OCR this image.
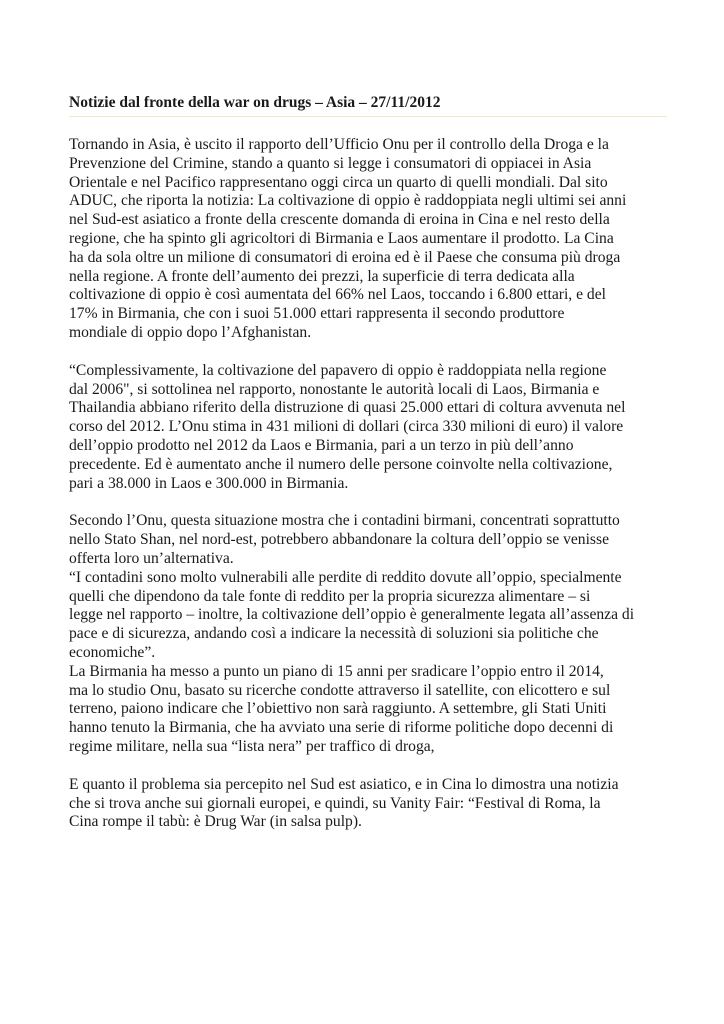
Notizie dal fronte della war on drugs – Asia – 27/11/2012

Tornando in Asia, è uscito il rapporto dell’Ufficio Onu per il controllo della Droga e la
Prevenzione del Crimine, stando a quanto si legge i consumatori di oppiacei in Asia
Orientale e nel Pacifico rappresentano oggi circa un quarto di quelli mondiali. Dal sito
ADUC, che riporta la notizia: La coltivazione di oppio è raddoppiata negli ultimi sei anni
nel Sud-est asiatico a fronte della crescente domanda di eroina in Cina e nel resto della
regione, che ha spinto gli agricoltori di Birmania e Laos aumentare il prodotto. La Cina
ha da sola oltre un milione di consumatori di eroina ed è il Paese che consuma più droga
nella regione. A fronte dell’aumento dei prezzi, la superficie di terra dedicata alla
coltivazione di oppio è così aumentata del 66% nel Laos, toccando i 6.800 ettari, e del
17% in Birmania, che con i suoi 51.000 ettari rappresenta il secondo produttore
mondiale di oppio dopo l’Afghanistan.

“Complessivamente, la coltivazione del papavero di oppio è raddoppiata nella regione
dal 2006", si sottolinea nel rapporto, nonostante le autorità locali di Laos, Birmania e
Thailandia abbiano riferito della distruzione di quasi 25.000 ettari di coltura avvenuta nel
corso del 2012. L’Onu stima in 431 milioni di dollari (circa 330 milioni di euro) il valore
dell’oppio prodotto nel 2012 da Laos e Birmania, pari a un terzo in più dell’anno
precedente. Ed è aumentato anche il numero delle persone coinvolte nella coltivazione,
pari a 38.000 in Laos e 300.000 in Birmania.

Secondo l’Onu, questa situazione mostra che i contadini birmani, concentrati soprattutto
nello Stato Shan, nel nord-est, potrebbero abbandonare la coltura dell’oppio se venisse
offerta loro un’alternativa.
“I contadini sono molto vulnerabili alle perdite di reddito dovute all’oppio, specialmente
quelli che dipendono da tale fonte di reddito per la propria sicurezza alimentare – si
legge nel rapporto – inoltre, la coltivazione dell’oppio è generalmente legata all’assenza di
pace e di sicurezza, andando così a indicare la necessità di soluzioni sia politiche che
economiche”.
La Birmania ha messo a punto un piano di 15 anni per sradicare l’oppio entro il 2014,
ma lo studio Onu, basato su ricerche condotte attraverso il satellite, con elicottero e sul
terreno, paiono indicare che l’obiettivo non sarà raggiunto. A settembre, gli Stati Uniti
hanno tenuto la Birmania, che ha avviato una serie di riforme politiche dopo decenni di
regime militare, nella sua “lista nera” per traffico di droga,

E quanto il problema sia percepito nel Sud est asiatico, e in Cina lo dimostra una notizia
che si trova anche sui giornali europei, e quindi, su Vanity Fair: “Festival di Roma, la
Cina rompe il tabù: è Drug War (in salsa pulp).
